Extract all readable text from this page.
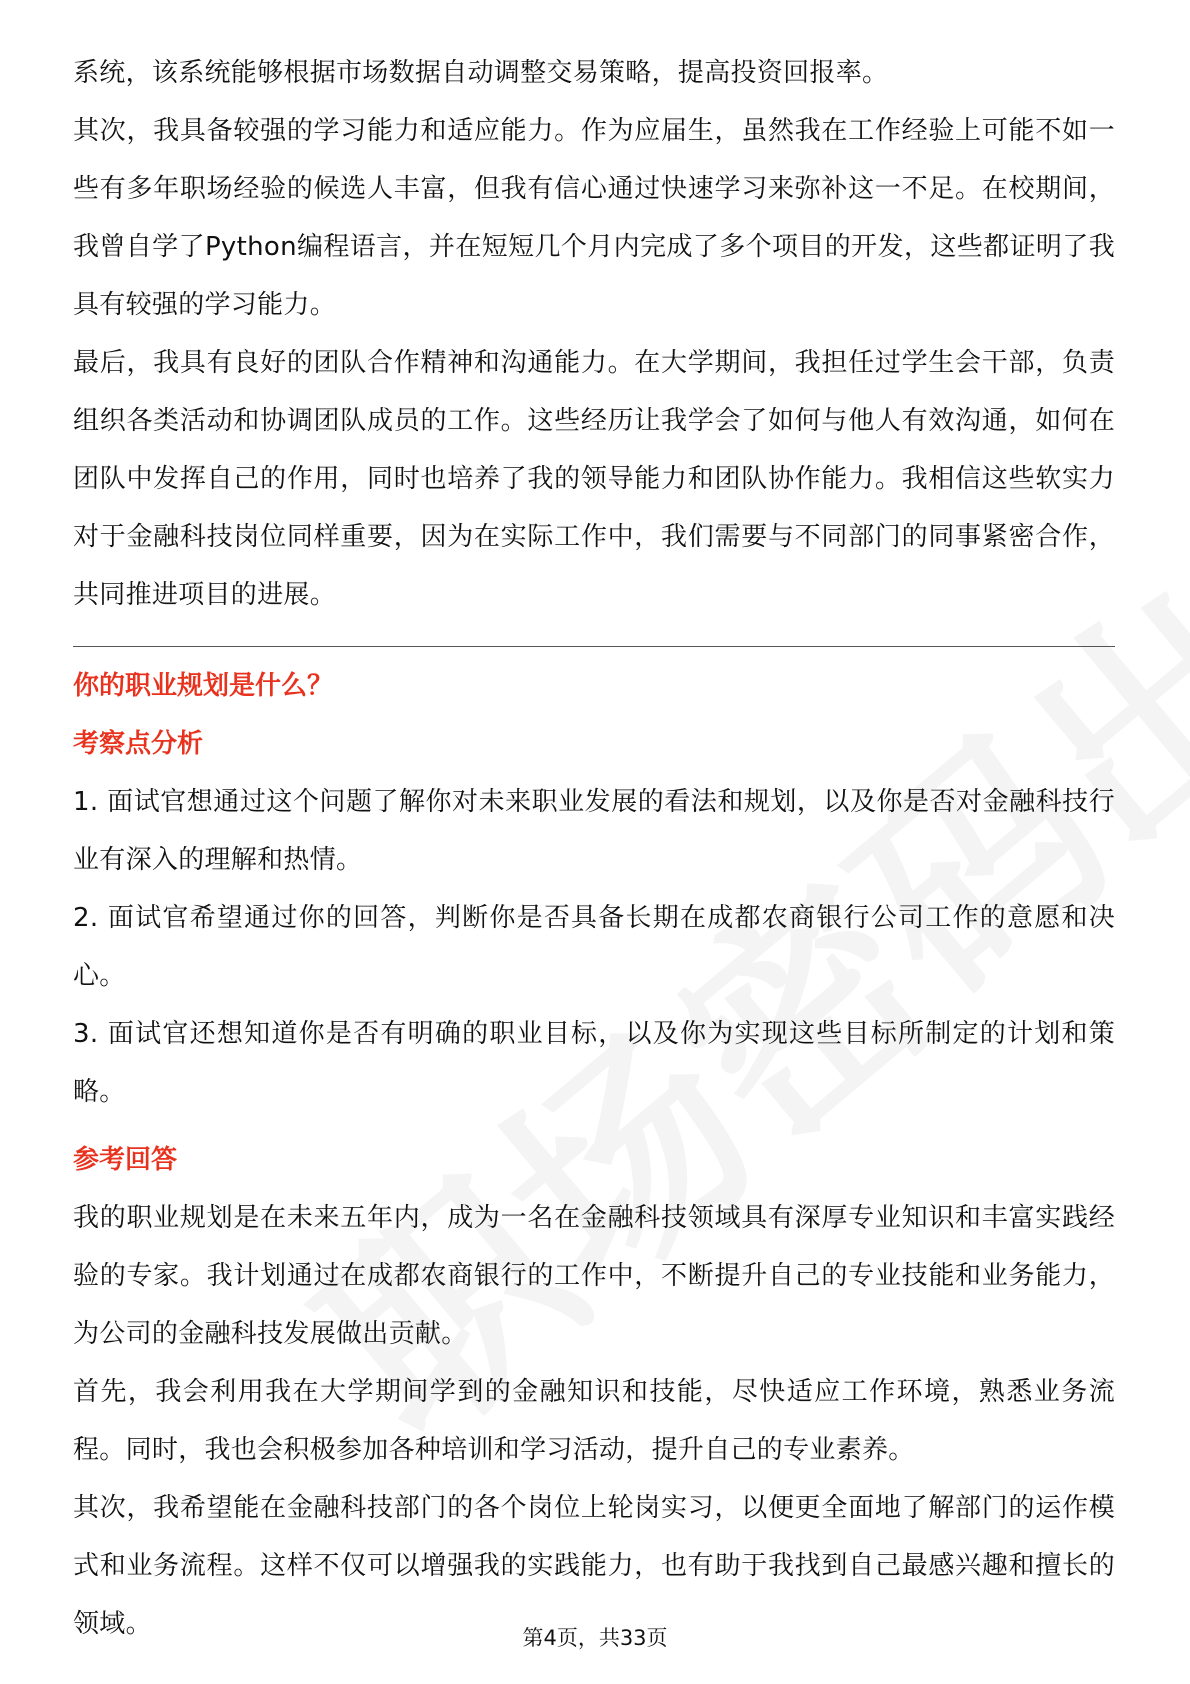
系统，该系统能够根据市场数据自动调整交易策略，提高投资回报率。

其次，我具备较强的学习能力和适应能力。作为应届生，虽然我在工作经验上可能不如一些有多年职场经验的候选人丰富，但我有信心通过快速学习来弥补这一不足。在校期间，我曾自学了Python编程语言，并在短短几个月内完成了多个项目的开发，这些都证明了我具有较强的学习能力。

最后，我具有良好的团队合作精神和沟通能力。在大学期间，我担任过学生会干部，负责组织各类活动和协调团队成员的工作。这些经历让我学会了如何与他人有效沟通，如何在团队中发挥自己的作用，同时也培养了我的领导能力和团队协作能力。我相信这些软实力对于金融科技岗位同样重要，因为在实际工作中，我们需要与不同部门的同事紧密合作，共同推进项目的进展。

你的职业规划是什么？
考察点分析

1. 面试官想通过这个问题了解你对未来职业发展的看法和规划，以及你是否对金融科技行业有深入的理解和热情。

2. 面试官希望通过你的回答，判断你是否具备长期在成都农商银行公司工作的意愿和决心。

3. 面试官还想知道你是否有明确的职业目标，以及你为实现这些目标所制定的计划和策略。

参考回答

我的职业规划是在未来五年内，成为一名在金融科技领域具有深厚专业知识和丰富实践经验的专家。我计划通过在成都农商银行的工作中，不断提升自己的专业技能和业务能力，为公司的金融科技发展做出贡献。

首先，我会利用我在大学期间学到的金融知识和技能，尽快适应工作环境，熟悉业务流程。同时，我也会积极参加各种培训和学习活动，提升自己的专业素养。

其次，我希望能在金融科技部门的各个岗位上轮岗实习，以便更全面地了解部门的运作模式和业务流程。这样不仅可以增强我的实践能力，也有助于我找到自己最感兴趣和擅长的领域。	第4页，共33页
